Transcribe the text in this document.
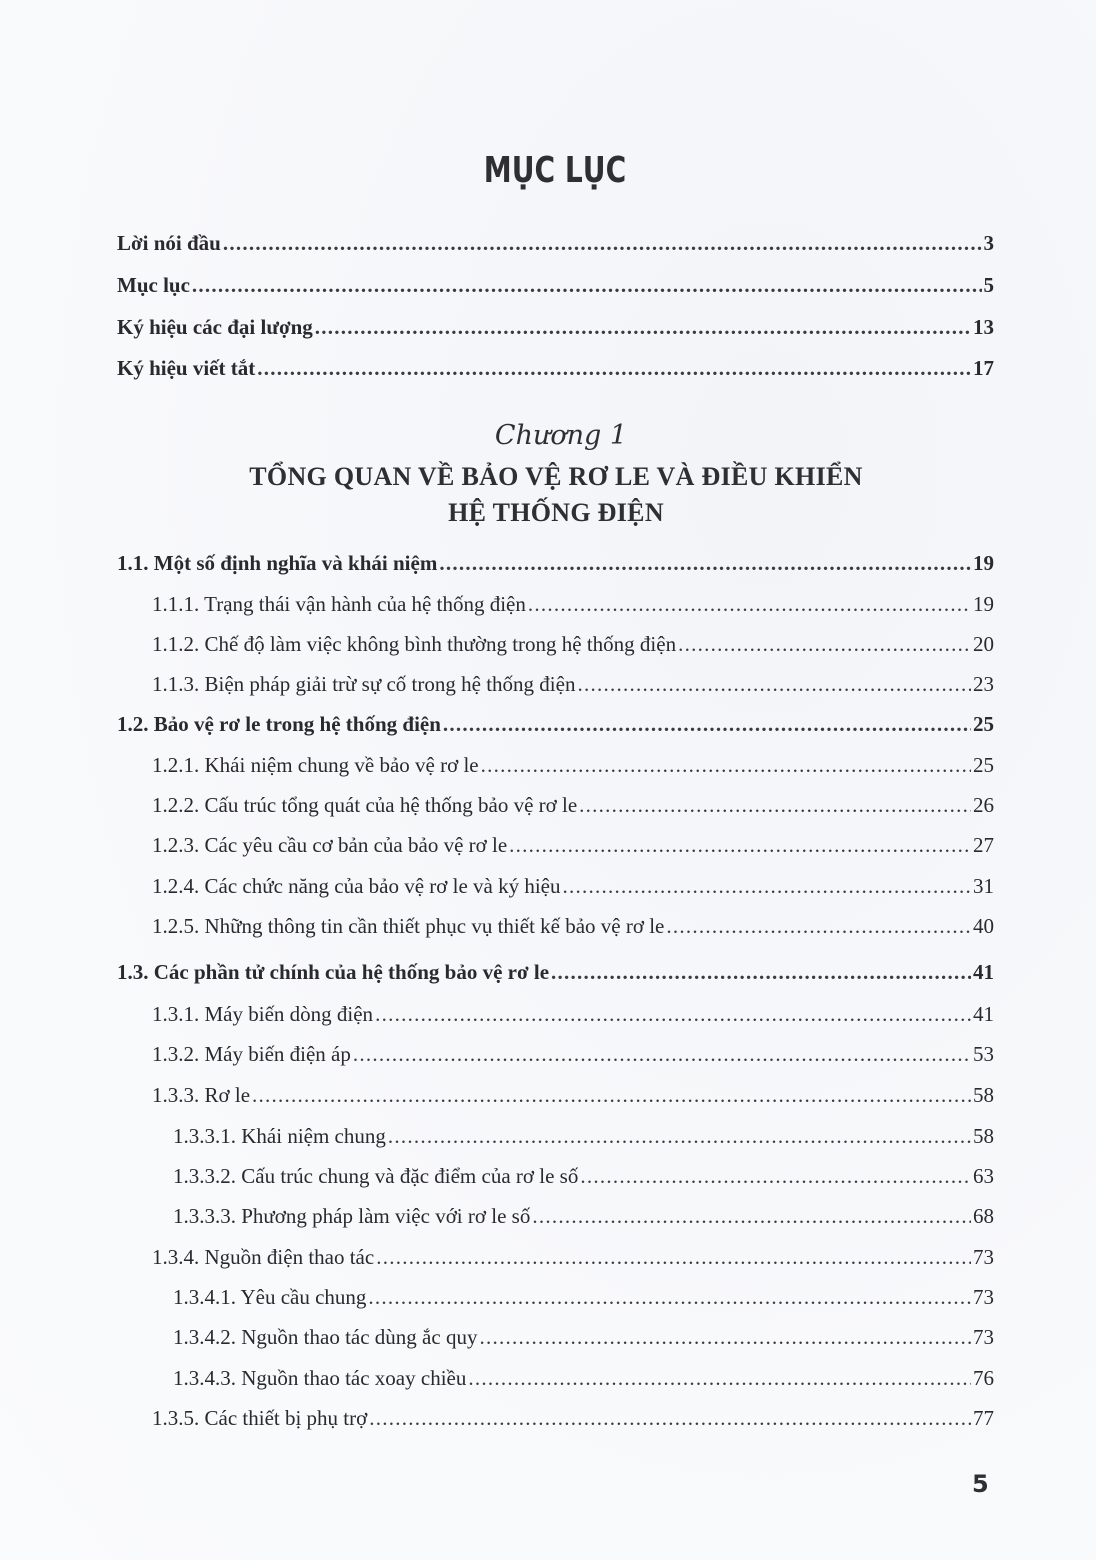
MỤC LỤC
Lời nói đầu . . .	3
Mục lục . . .	5
Ký hiệu các đại lượng . . .	13
Ký hiệu viết tắt . . .	17
Chương 1
TỔNG QUAN VỀ BẢO VỆ RƠ LE VÀ ĐIỀU KHIỂN
HỆ THỐNG ĐIỆN
1.1. Một số định nghĩa và khái niệm . . .	19
1.1.1. Trạng thái vận hành của hệ thống điện . . .	19
1.1.2. Chế độ làm việc không bình thường trong hệ thống điện . . .	20
1.1.3. Biện pháp giải trừ sự cố trong hệ thống điện . . .	23
1.2. Bảo vệ rơ le trong hệ thống điện . . .	25
1.2.1. Khái niệm chung về bảo vệ rơ le . . .	25
1.2.2. Cấu trúc tổng quát của hệ thống bảo vệ rơ le . . .	26
1.2.3. Các yêu cầu cơ bản của bảo vệ rơ le . . .	27
1.2.4. Các chức năng của bảo vệ rơ le và ký hiệu . . .	31
1.2.5. Những thông tin cần thiết phục vụ thiết kế bảo vệ rơ le . . .	40
1.3. Các phần tử chính của hệ thống bảo vệ rơ le . . .	41
1.3.1. Máy biến dòng điện . . .	41
1.3.2. Máy biến điện áp . . .	53
1.3.3. Rơ le . . .	58
1.3.3.1. Khái niệm chung . . .	58
1.3.3.2. Cấu trúc chung và đặc điểm của rơ le số . . .	63
1.3.3.3. Phương pháp làm việc với rơ le số . . .	68
1.3.4. Nguồn điện thao tác . . .	73
1.3.4.1. Yêu cầu chung . . .	73
1.3.4.2. Nguồn thao tác dùng ắc quy . . .	73
1.3.4.3. Nguồn thao tác xoay chiều . . .	76
1.3.5. Các thiết bị phụ trợ . . .	77
5
